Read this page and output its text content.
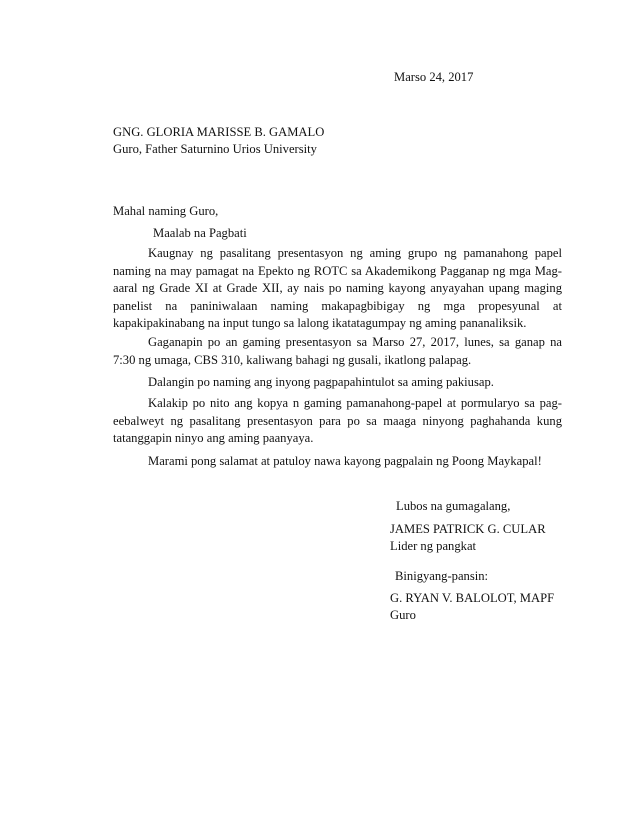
Marso 24, 2017
GNG. GLORIA MARISSE B. GAMALO
Guro, Father Saturnino Urios University
Mahal naming Guro,
Maalab na Pagbati
Kaugnay ng pasalitang presentasyon ng aming grupo ng pamanahong papel naming na may pamagat na Epekto ng ROTC sa Akademikong Pagganap ng mga Mag-aaral ng Grade XI at Grade XII, ay nais po naming kayong anyayahan upang maging panelist na paniniwalaan naming makapagbibigay ng mga propesyunal at kapakipakinabang na input tungo sa lalong ikatatagumpay ng aming pananaliksik.
Gaganapin po an gaming presentasyon sa Marso 27, 2017, lunes, sa ganap na 7:30 ng umaga, CBS 310, kaliwang bahagi ng gusali, ikatlong palapag.
Dalangin po naming ang inyong pagpapahintulot sa aming pakiusap.
Kalakip po nito ang kopya n gaming pamanahong-papel at pormularyo sa pag-eebalweyt ng pasalitang presentasyon para po sa maaga ninyong paghahanda kung tatanggapin ninyo ang aming paanyaya.
Marami pong salamat at patuloy nawa kayong pagpalain ng Poong Maykapal!
Lubos na gumagalang,
JAMES PATRICK G. CULAR
Lider ng pangkat
Binigyang-pansin:
G. RYAN V. BALOLOT, MAPF
Guro
